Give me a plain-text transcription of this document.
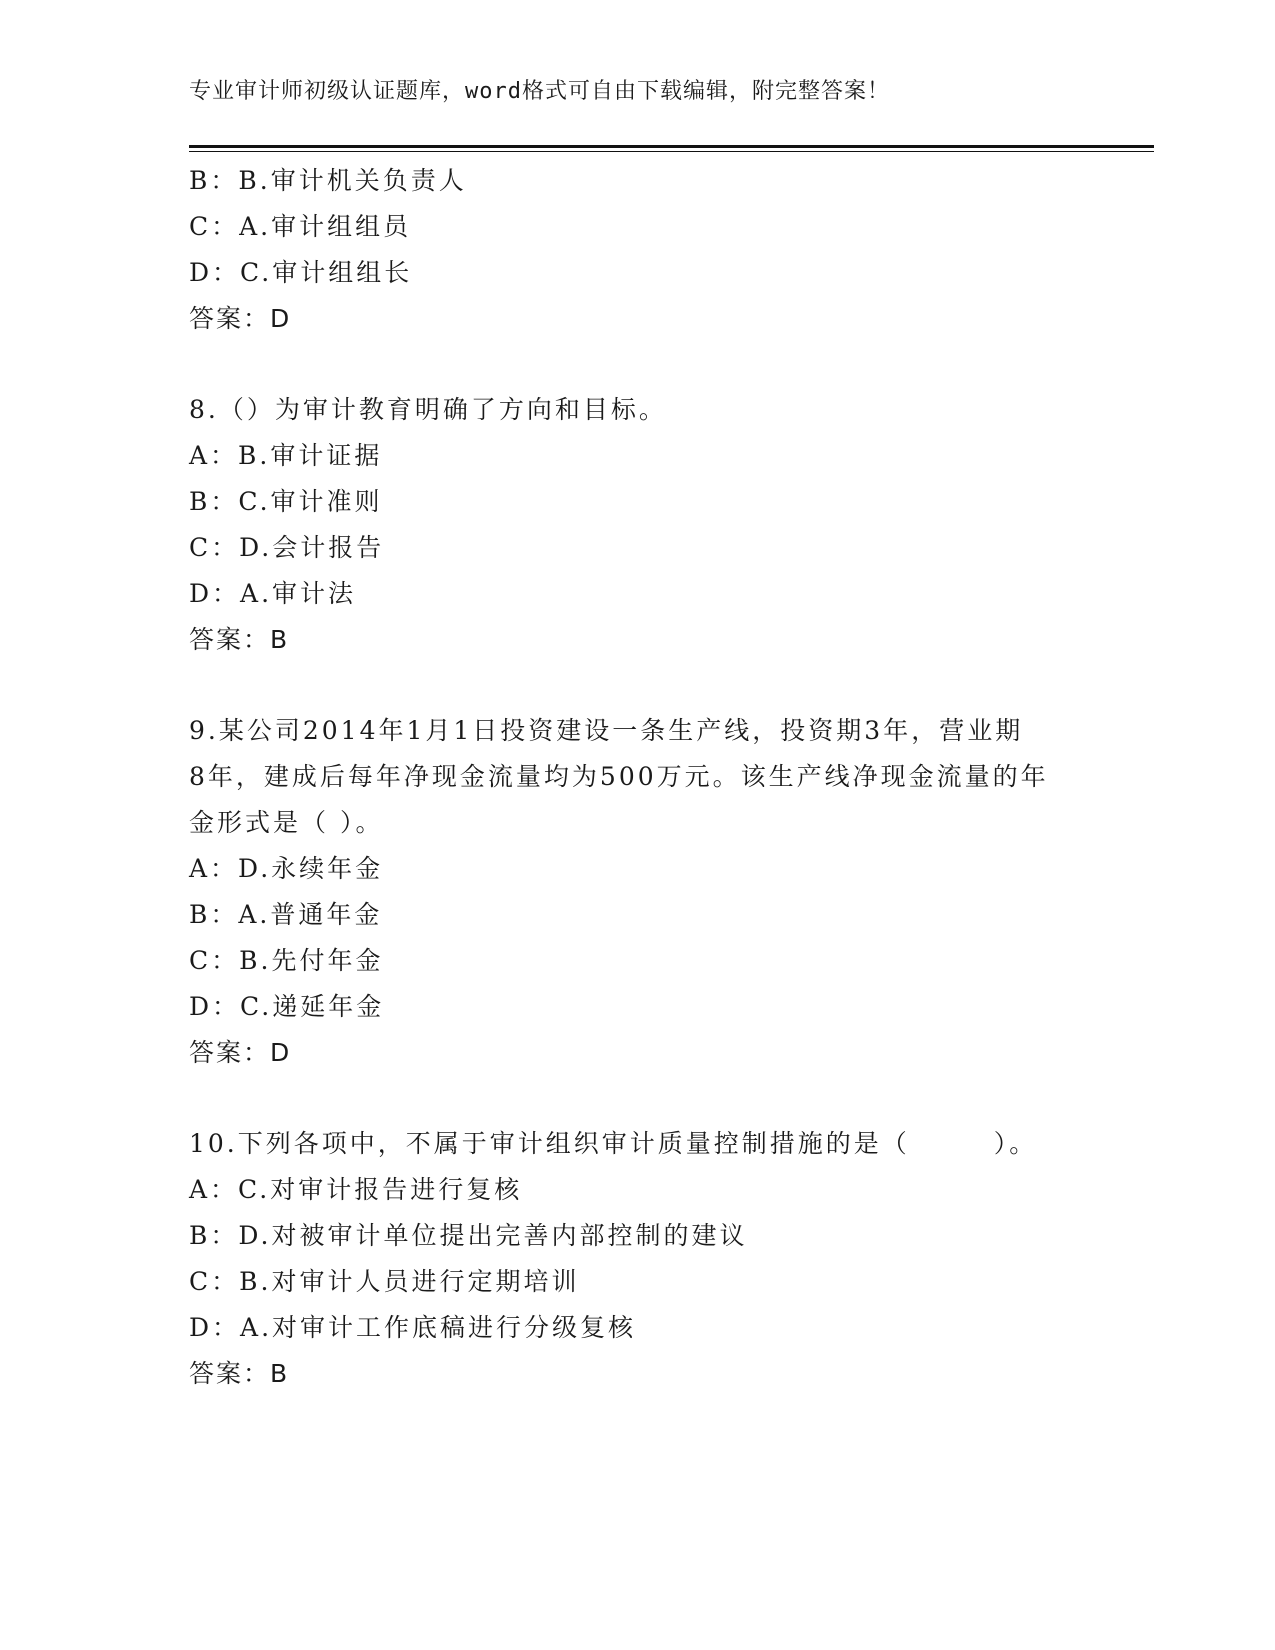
专业审计师初级认证题库，word格式可自由下载编辑，附完整答案！
B：B.审计机关负责人
C：A.审计组组员
D：C.审计组组长
答案：D
8.（）为审计教育明确了方向和目标。
A：B.审计证据
B：C.审计准则
C：D.会计报告
D：A.审计法
答案：B
9.某公司2014年1月1日投资建设一条生产线，投资期3年，营业期
8年，建成后每年净现金流量均为500万元。该生产线净现金流量的年
金形式是（ ）。
A：D.永续年金
B：A.普通年金
C：B.先付年金
D：C.递延年金
答案：D
10.下列各项中，不属于审计组织审计质量控制措施的是（　　　）。
A：C.对审计报告进行复核
B：D.对被审计单位提出完善内部控制的建议
C：B.对审计人员进行定期培训
D：A.对审计工作底稿进行分级复核
答案：B
